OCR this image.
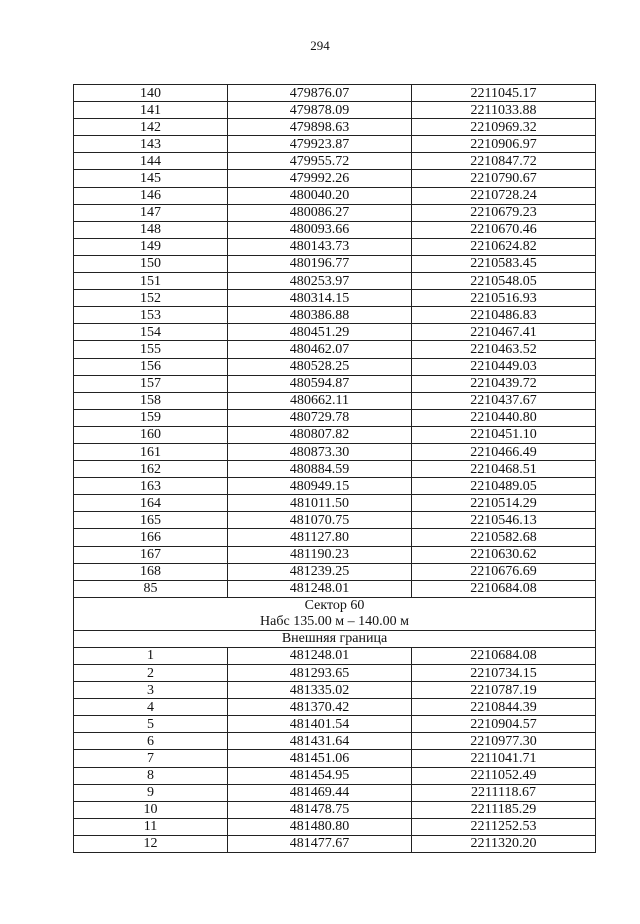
294
140	479876.07	2211045.17
141	479878.09	2211033.88
142	479898.63	2210969.32
143	479923.87	2210906.97
144	479955.72	2210847.72
145	479992.26	2210790.67
146	480040.20	2210728.24
147	480086.27	2210679.23
148	480093.66	2210670.46
149	480143.73	2210624.82
150	480196.77	2210583.45
151	480253.97	2210548.05
152	480314.15	2210516.93
153	480386.88	2210486.83
154	480451.29	2210467.41
155	480462.07	2210463.52
156	480528.25	2210449.03
157	480594.87	2210439.72
158	480662.11	2210437.67
159	480729.78	2210440.80
160	480807.82	2210451.10
161	480873.30	2210466.49
162	480884.59	2210468.51
163	480949.15	2210489.05
164	481011.50	2210514.29
165	481070.75	2210546.13
166	481127.80	2210582.68
167	481190.23	2210630.62
168	481239.25	2210676.69
85	481248.01	2210684.08

Сектор 60
Набс 135.00 м – 140.00 м		

Внешняя граница		
1	481248.01	2210684.08
2	481293.65	2210734.15
3	481335.02	2210787.19
4	481370.42	2210844.39
5	481401.54	2210904.57
6	481431.64	2210977.30
7	481451.06	2211041.71
8	481454.95	2211052.49
9	481469.44	2211118.67
10	481478.75	2211185.29
11	481480.80	2211252.53
12	481477.67	2211320.20
